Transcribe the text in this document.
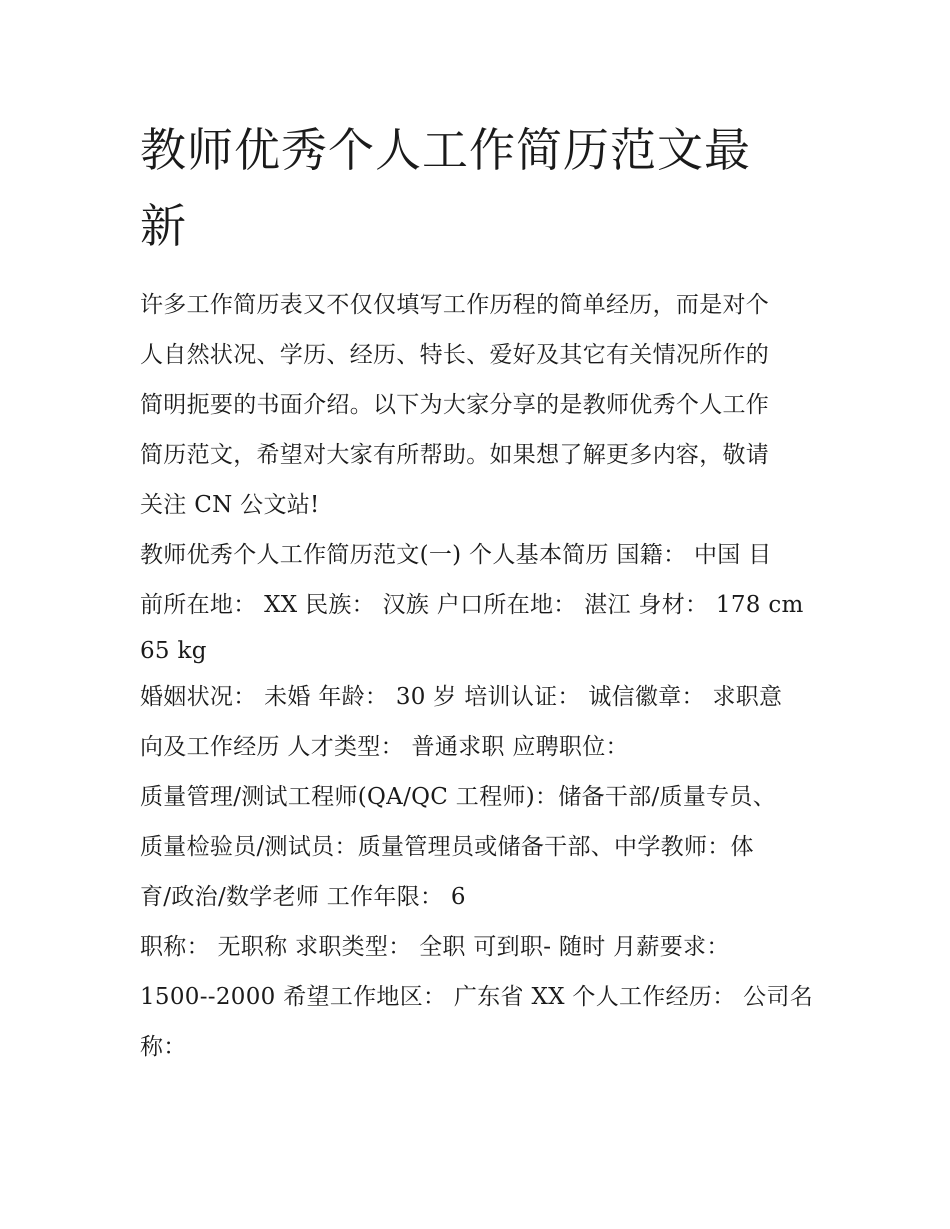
教师优秀个人工作简历范文最
新
许多工作简历表又不仅仅填写工作历程的简单经历，而是对个
人自然状况、学历、经历、特长、爱好及其它有关情况所作的
简明扼要的书面介绍。以下为大家分享的是教师优秀个人工作
简历范文，希望对大家有所帮助。如果想了解更多内容，敬请
关注 CN 公文站!
教师优秀个人工作简历范文(一) 个人基本简历 国籍： 中国 目
前所在地： XX 民族： 汉族 户口所在地： 湛江 身材： 178 cm
65 kg
婚姻状况： 未婚 年龄： 30 岁 培训认证： 诚信徽章： 求职意
向及工作经历 人才类型： 普通求职 应聘职位：
质量管理/测试工程师(QA/QC 工程师)：储备干部/质量专员、
质量检验员/测试员：质量管理员或储备干部、中学教师：体
育/政治/数学老师 工作年限： 6
职称： 无职称 求职类型： 全职 可到职- 随时 月薪要求：
1500--2000 希望工作地区： 广东省 XX 个人工作经历： 公司名
称：
